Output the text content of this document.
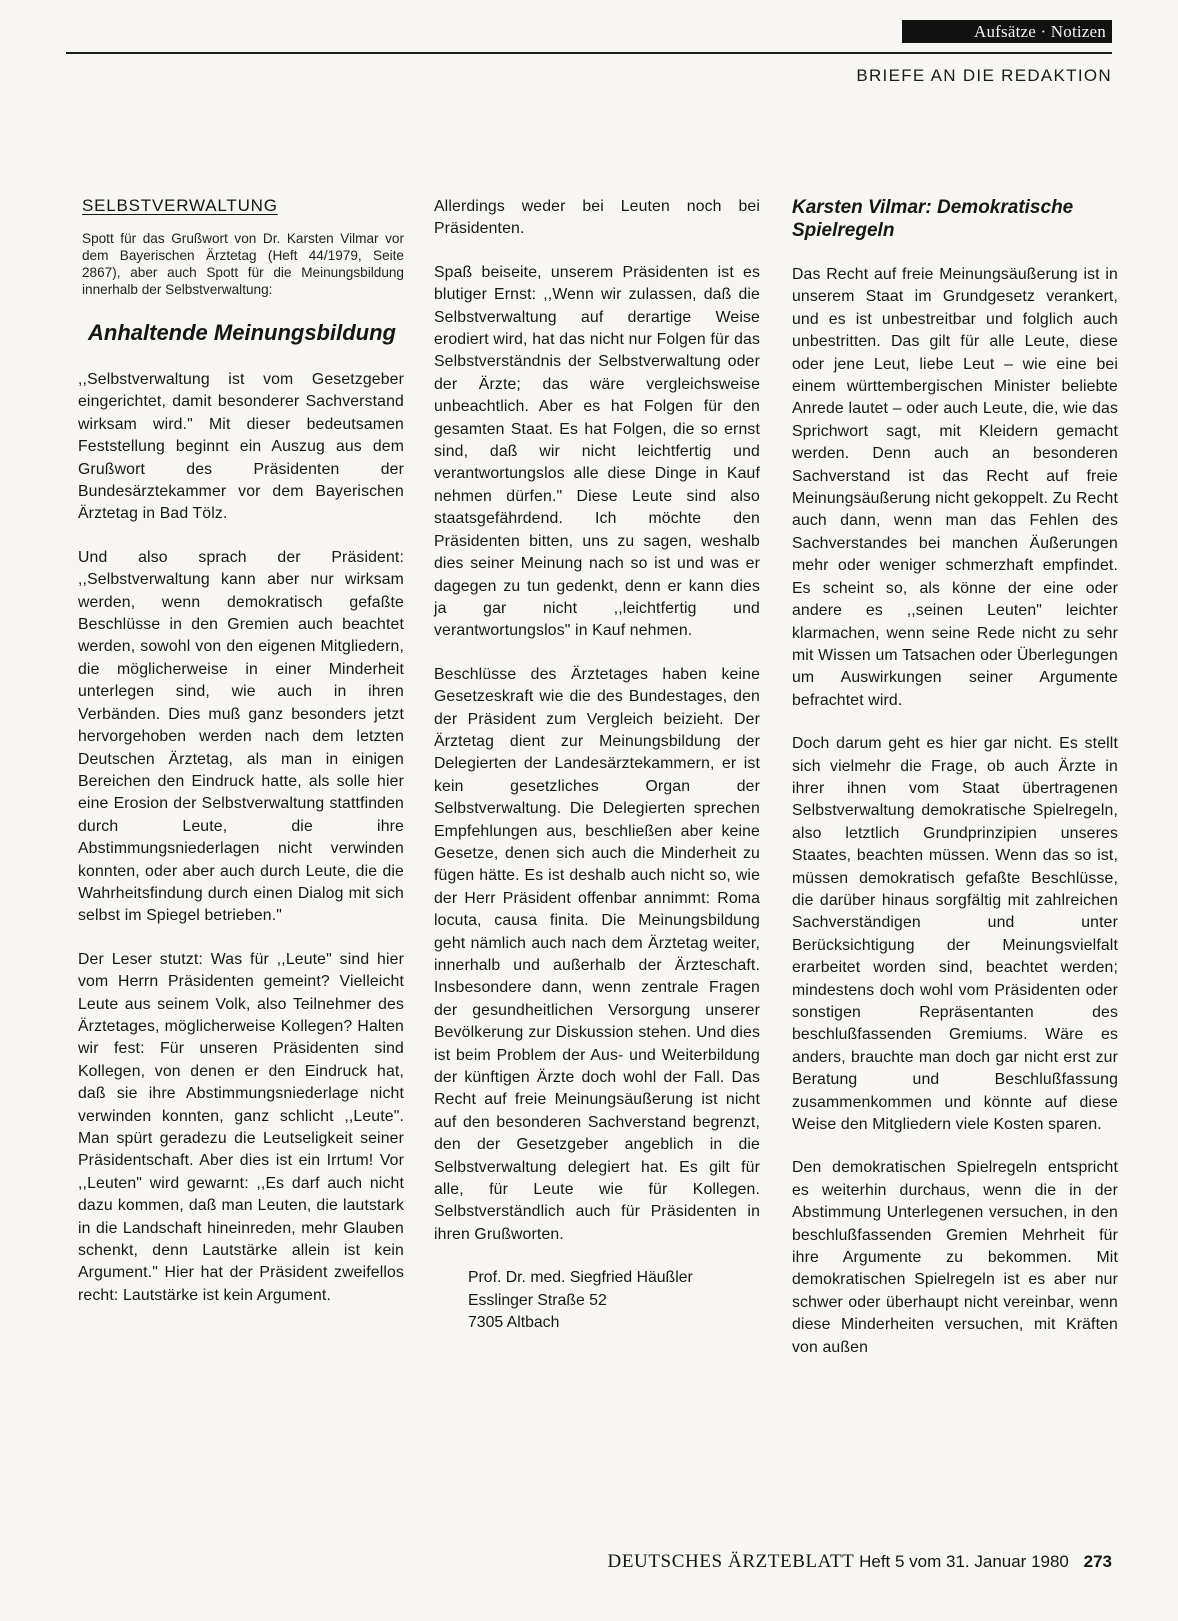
Aufsätze · Notizen
BRIEFE AN DIE REDAKTION
SELBSTVERWALTUNG
Spott für das Grußwort von Dr. Karsten Vilmar vor dem Bayerischen Ärztetag (Heft 44/1979, Seite 2867), aber auch Spott für die Meinungsbildung innerhalb der Selbstverwaltung:
Anhaltende Meinungsbildung

,,Selbstverwaltung ist vom Gesetzgeber eingerichtet, damit besonderer Sachverstand wirksam wird." Mit dieser bedeutsamen Feststellung beginnt ein Auszug aus dem Grußwort des Präsidenten der Bundesärztekammer vor dem Bayerischen Ärztetag in Bad Tölz.

Und also sprach der Präsident: ,,Selbstverwaltung kann aber nur wirksam werden, wenn demokratisch gefaßte Beschlüsse in den Gremien auch beachtet werden, sowohl von den eigenen Mitgliedern, die möglicherweise in einer Minderheit unterlegen sind, wie auch in ihren Verbänden. Dies muß ganz besonders jetzt hervorgehoben werden nach dem letzten Deutschen Ärztetag, als man in einigen Bereichen den Eindruck hatte, als solle hier eine Erosion der Selbstverwaltung stattfinden durch Leute, die ihre Abstimmungsniederlagen nicht verwinden konnten, oder aber auch durch Leute, die die Wahrheitsfindung durch einen Dialog mit sich selbst im Spiegel betrieben."

Der Leser stutzt: Was für ,,Leute" sind hier vom Herrn Präsidenten gemeint? Vielleicht Leute aus seinem Volk, also Teilnehmer des Ärztetages, möglicherweise Kollegen? Halten wir fest: Für unseren Präsidenten sind Kollegen, von denen er den Eindruck hat, daß sie ihre Abstimmungsniederlage nicht verwinden konnten, ganz schlicht ,,Leute". Man spürt geradezu die Leutseligkeit seiner Präsidentschaft. Aber dies ist ein Irrtum! Vor ,,Leuten" wird gewarnt: ,,Es darf auch nicht dazu kommen, daß man Leuten, die lautstark in die Landschaft hineinreden, mehr Glauben schenkt, denn Lautstärke allein ist kein Argument." Hier hat der Präsident zweifellos recht: Lautstärke ist kein Argument.

Allerdings weder bei Leuten noch bei Präsidenten.

Spaß beiseite, unserem Präsidenten ist es blutiger Ernst: ,,Wenn wir zulassen, daß die Selbstverwaltung auf derartige Weise erodiert wird, hat das nicht nur Folgen für das Selbstverständnis der Selbstverwaltung oder der Ärzte; das wäre vergleichsweise unbeachtlich. Aber es hat Folgen für den gesamten Staat. Es hat Folgen, die so ernst sind, daß wir nicht leichtfertig und verantwortungslos alle diese Dinge in Kauf nehmen dürfen." Diese Leute sind also staatsgefährdend. Ich möchte den Präsidenten bitten, uns zu sagen, weshalb dies seiner Meinung nach so ist und was er dagegen zu tun gedenkt, denn er kann dies ja gar nicht ,,leichtfertig und verantwortungslos" in Kauf nehmen.

Beschlüsse des Ärztetages haben keine Gesetzeskraft wie die des Bundestages, den der Präsident zum Vergleich beizieht. Der Ärztetag dient zur Meinungsbildung der Delegierten der Landesärztekammern, er ist kein gesetzliches Organ der Selbstverwaltung. Die Delegierten sprechen Empfehlungen aus, beschließen aber keine Gesetze, denen sich auch die Minderheit zu fügen hätte. Es ist deshalb auch nicht so, wie der Herr Präsident offenbar annimmt: Roma locuta, causa finita. Die Meinungsbildung geht nämlich auch nach dem Ärztetag weiter, innerhalb und außerhalb der Ärzteschaft. Insbesondere dann, wenn zentrale Fragen der gesundheitlichen Versorgung unserer Bevölkerung zur Diskussion stehen. Und dies ist beim Problem der Aus- und Weiterbildung der künftigen Ärzte doch wohl der Fall. Das Recht auf freie Meinungsäußerung ist nicht auf den besonderen Sachverstand begrenzt, den der Gesetzgeber angeblich in die Selbstverwaltung delegiert hat. Es gilt für alle, für Leute wie für Kollegen. Selbstverständlich auch für Präsidenten in ihren Grußworten.

Prof. Dr. med. Siegfried Häußler
Esslinger Straße 52
7305 Altbach
Karsten Vilmar: Demokratische Spielregeln

Das Recht auf freie Meinungsäußerung ist in unserem Staat im Grundgesetz verankert, und es ist unbestreitbar und folglich auch unbestritten. Das gilt für alle Leute, diese oder jene Leut, liebe Leut – wie eine bei einem württembergischen Minister beliebte Anrede lautet – oder auch Leute, die, wie das Sprichwort sagt, mit Kleidern gemacht werden. Denn auch an besonderen Sachverstand ist das Recht auf freie Meinungsäußerung nicht gekoppelt. Zu Recht auch dann, wenn man das Fehlen des Sachverstandes bei manchen Äußerungen mehr oder weniger schmerzhaft empfindet. Es scheint so, als könne der eine oder andere es ,,seinen Leuten" leichter klarmachen, wenn seine Rede nicht zu sehr mit Wissen um Tatsachen oder Überlegungen um Auswirkungen seiner Argumente befrachtet wird.

Doch darum geht es hier gar nicht. Es stellt sich vielmehr die Frage, ob auch Ärzte in ihrer ihnen vom Staat übertragenen Selbstverwaltung demokratische Spielregeln, also letztlich Grundprinzipien unseres Staates, beachten müssen. Wenn das so ist, müssen demokratisch gefaßte Beschlüsse, die darüber hinaus sorgfältig mit zahlreichen Sachverständigen und unter Berücksichtigung der Meinungsvielfalt erarbeitet worden sind, beachtet werden; mindestens doch wohl vom Präsidenten oder sonstigen Repräsentanten des beschlußfassenden Gremiums. Wäre es anders, brauchte man doch gar nicht erst zur Beratung und Beschlußfassung zusammenkommen und könnte auf diese Weise den Mitgliedern viele Kosten sparen.

Den demokratischen Spielregeln entspricht es weiterhin durchaus, wenn die in der Abstimmung Unterlegenen versuchen, in den beschlußfassenden Gremien Mehrheit für ihre Argumente zu bekommen. Mit demokratischen Spielregeln ist es aber nur schwer oder überhaupt nicht vereinbar, wenn diese Minderheiten versuchen, mit Kräften von außen

DEUTSCHES ÄRZTEBLATT Heft 5 vom 31. Januar 1980 273
